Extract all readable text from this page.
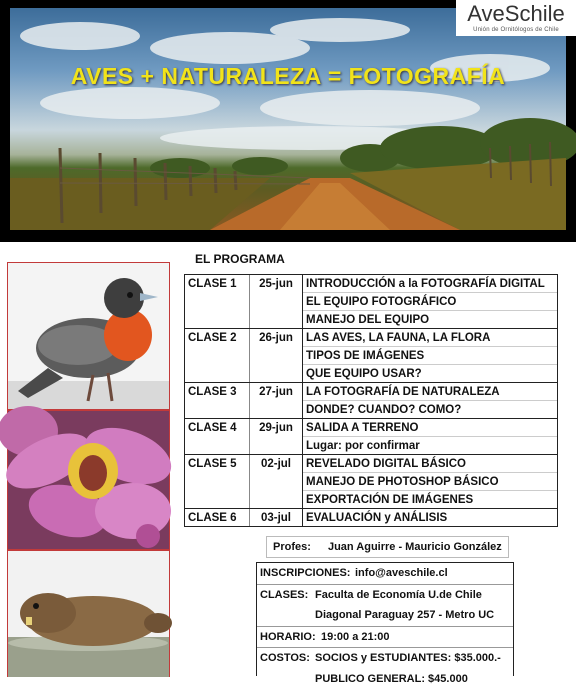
AVES + NATURALEZA = FOTOGRAFÍA
AveSchile
Unión de Ornitólogos de Chile
EL PROGRAMA
CLASE 1	25-jun	INTRODUCCIÓN a la FOTOGRAFÍA DIGITAL
		EL EQUIPO FOTOGRÁFICO
		MANEJO DEL EQUIPO
CLASE 2	26-jun	LAS AVES, LA FAUNA, LA FLORA
		TIPOS DE IMÁGENES
		QUE EQUIPO USAR?
CLASE 3	27-jun	LA FOTOGRAFÍA DE NATURALEZA
		DONDE? CUANDO? COMO?
CLASE 4	29-jun	SALIDA A TERRENO
		Lugar: por confirmar
CLASE 5	02-jul	REVELADO DIGITAL BÁSICO
		MANEJO DE PHOTOSHOP BÁSICO
		EXPORTACIÓN DE IMÁGENES
CLASE 6	03-jul	EVALUACIÓN y ANÁLISIS
Profes: Juan Aguirre - Mauricio González
INSCRIPCIONES: info@aveschile.cl
CLASES: Faculta de Economía U.de Chile
Diagonal Paraguay 257 - Metro UC
HORARIO: 19:00 a 21:00
COSTOS: SOCIOS y ESTUDIANTES: $35.000.-
PUBLICO GENERAL: $45.000
